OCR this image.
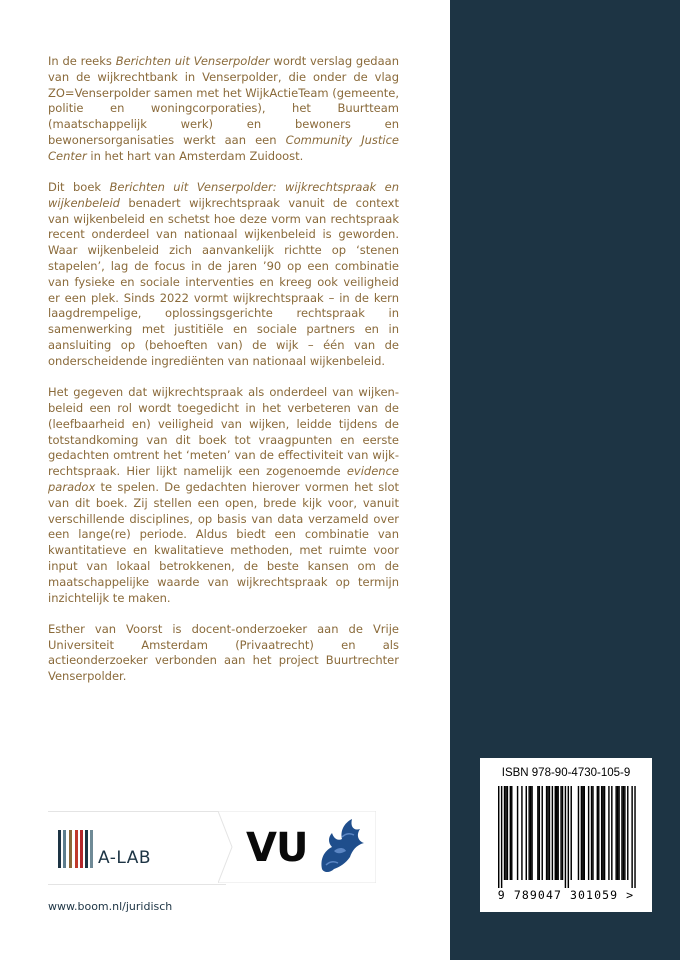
In de reeks Berichten uit Venserpolder wordt verslag gedaan van de wijkrechtbank in Venserpolder, die onder de vlag ZO=Venserpolder samen met het WijkActieTeam (gemeente, politie en woningcorporaties), het Buurtteam (maatschappelijk werk) en bewoners en bewonersorganisaties werkt aan een Community Justice Center in het hart van Amsterdam Zuidoost.

Dit boek Berichten uit Venserpolder: wijkrechtspraak en wijkenbeleid benadert wijkrechtspraak vanuit de context van wijkenbeleid en schetst hoe deze vorm van rechtspraak recent onderdeel van nationaal wijkenbeleid is geworden. Waar wijkenbeleid zich aanvankelijk richtte op ‘stenen stapelen’, lag de focus in de jaren ’90 op een combinatie van fysieke en sociale interventies en kreeg ook veiligheid er een plek. Sinds 2022 vormt wijkrechtspraak – in de kern laagdrempelige, oplossingsgerichte rechtspraak in samenwerking met justitiële en sociale partners en in aansluiting op (behoeften van) de wijk – één van de onderscheidende ingrediënten van nationaal wijkenbeleid.

Het gegeven dat wijkrechtspraak als onderdeel van wijkenbeleid een rol wordt toegedicht in het verbeteren van de (leefbaarheid en) veiligheid van wijken, leidde tijdens de totstandkoming van dit boek tot vraagpunten en eerste gedachten omtrent het ‘meten’ van de effectiviteit van wijkrechtspraak. Hier lijkt namelijk een zogenoemde evidence paradox te spelen. De gedachten hierover vormen het slot van dit boek. Zij stellen een open, brede kijk voor, vanuit verschillende disciplines, op basis van data verzameld over een lange(re) periode. Aldus biedt een combinatie van kwantitatieve en kwalitatieve methoden, met ruimte voor input van lokaal betrokkenen, de beste kansen om de maatschappelijke waarde van wijkrechtspraak op termijn inzichtelijk te maken.

Esther van Voorst is docent-onderzoeker aan de Vrije Universiteit Amsterdam (Privaatrecht) en als actieonderzoeker verbonden aan het project Buurtrechter Venserpolder.

A-LAB VU
www.boom.nl/juridisch
ISBN 978-90-4730-105-9
9 789047 301059 >
